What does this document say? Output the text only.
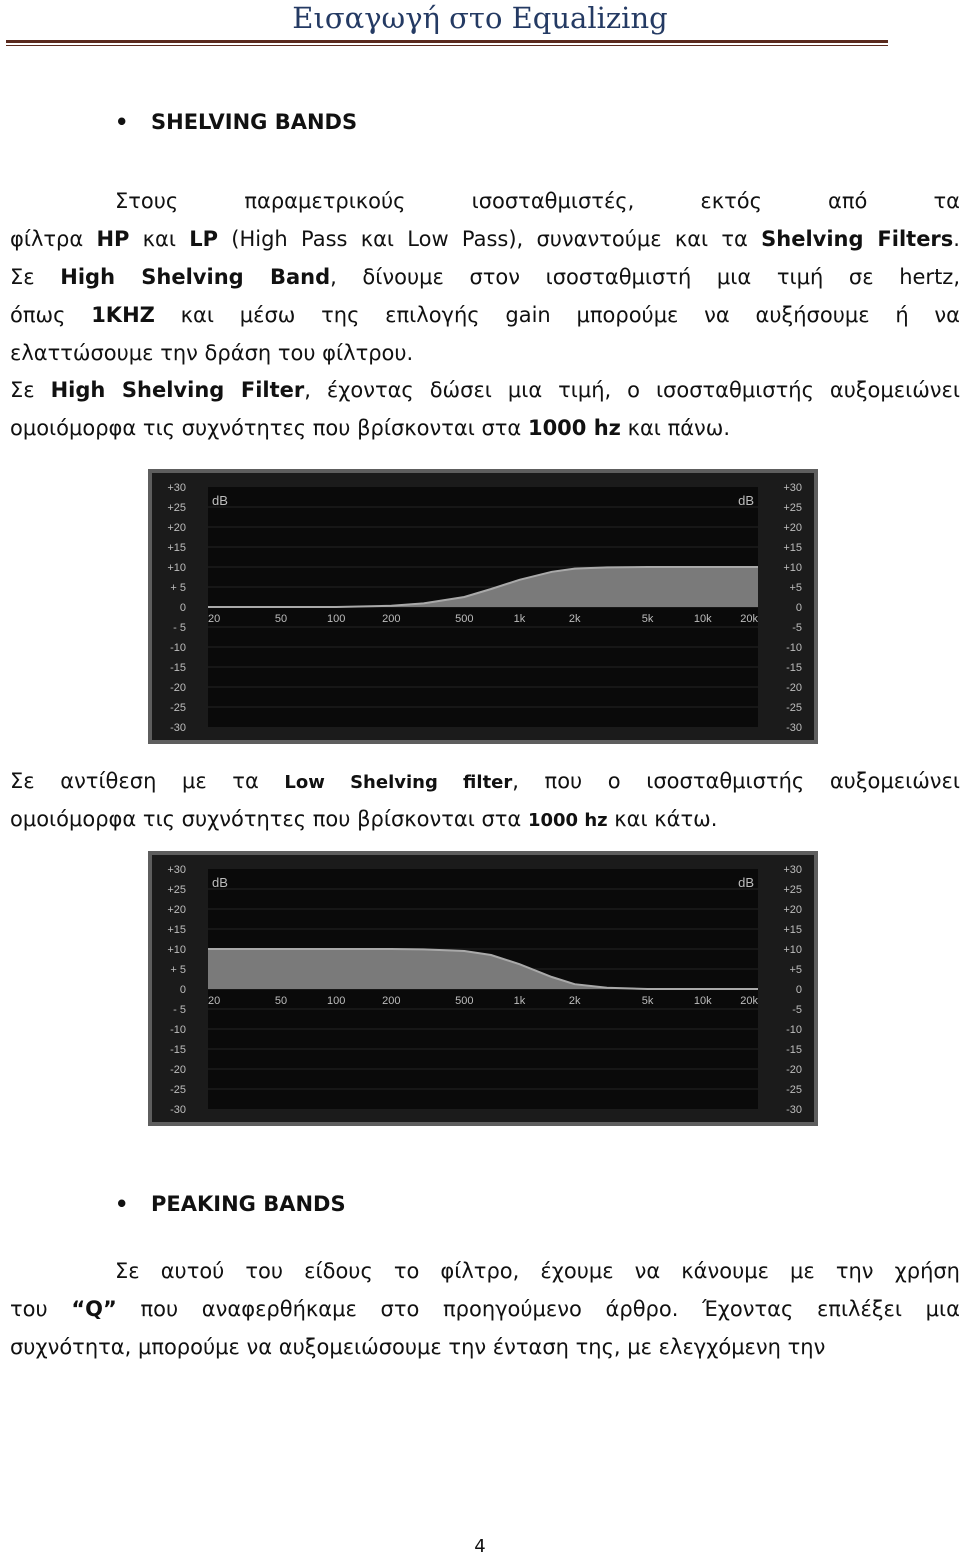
Εισαγωγή στο Equalizing
• SHELVING BANDS
Στους παραμετρικούς ισοσταθμιστές, εκτός από τα
φίλτρα HP και LP (High Pass και Low Pass), συναντούμε και τα Shelving Filters.
Σε High Shelving Band, δίνουμε στον ισοσταθμιστή μια τιμή σε hertz,
όπως 1KHZ και μέσω της επιλογής gain μπορούμε να αυξήσουμε ή να
ελαττώσουμε την δράση του φίλτρου.
Σε High Shelving Filter, έχοντας δώσει μια τιμή, ο ισοσταθμιστής αυξομειώνει
ομοιόμορφα τις συχνότητες που βρίσκονται στα 1000 hz και πάνω.
+30	+30
+25	+25
+20	+20
+15	+15
+10	+10
+ 5	+5
0	0
- 5	-5
-10	-10
-15	-15
-20	-20
-25	-25
-30	-30
dB	dB
20	50	100	200	500	1k	2k	5k	10k	20k
Σε αντίθεση με τα Low Shelving filter, που ο ισοσταθμιστής αυξομειώνει
ομοιόμορφα τις συχνότητες που βρίσκονται στα 1000 hz και κάτω.
+30	+30
+25	+25
+20	+20
+15	+15
+10	+10
+ 5	+5
0	0
- 5	-5
-10	-10
-15	-15
-20	-20
-25	-25
-30	-30
dB	dB
20	50	100	200	500	1k	2k	5k	10k	20k
• PEAKING BANDS
Σε αυτού του είδους το φίλτρο, έχουμε να κάνουμε με την χρήση
του “Q” που αναφερθήκαμε στο προηγούμενο άρθρο. Έχοντας επιλέξει μια
συχνότητα, μπορούμε να αυξομειώσουμε την ένταση της, με ελεγχόμενη την
4
